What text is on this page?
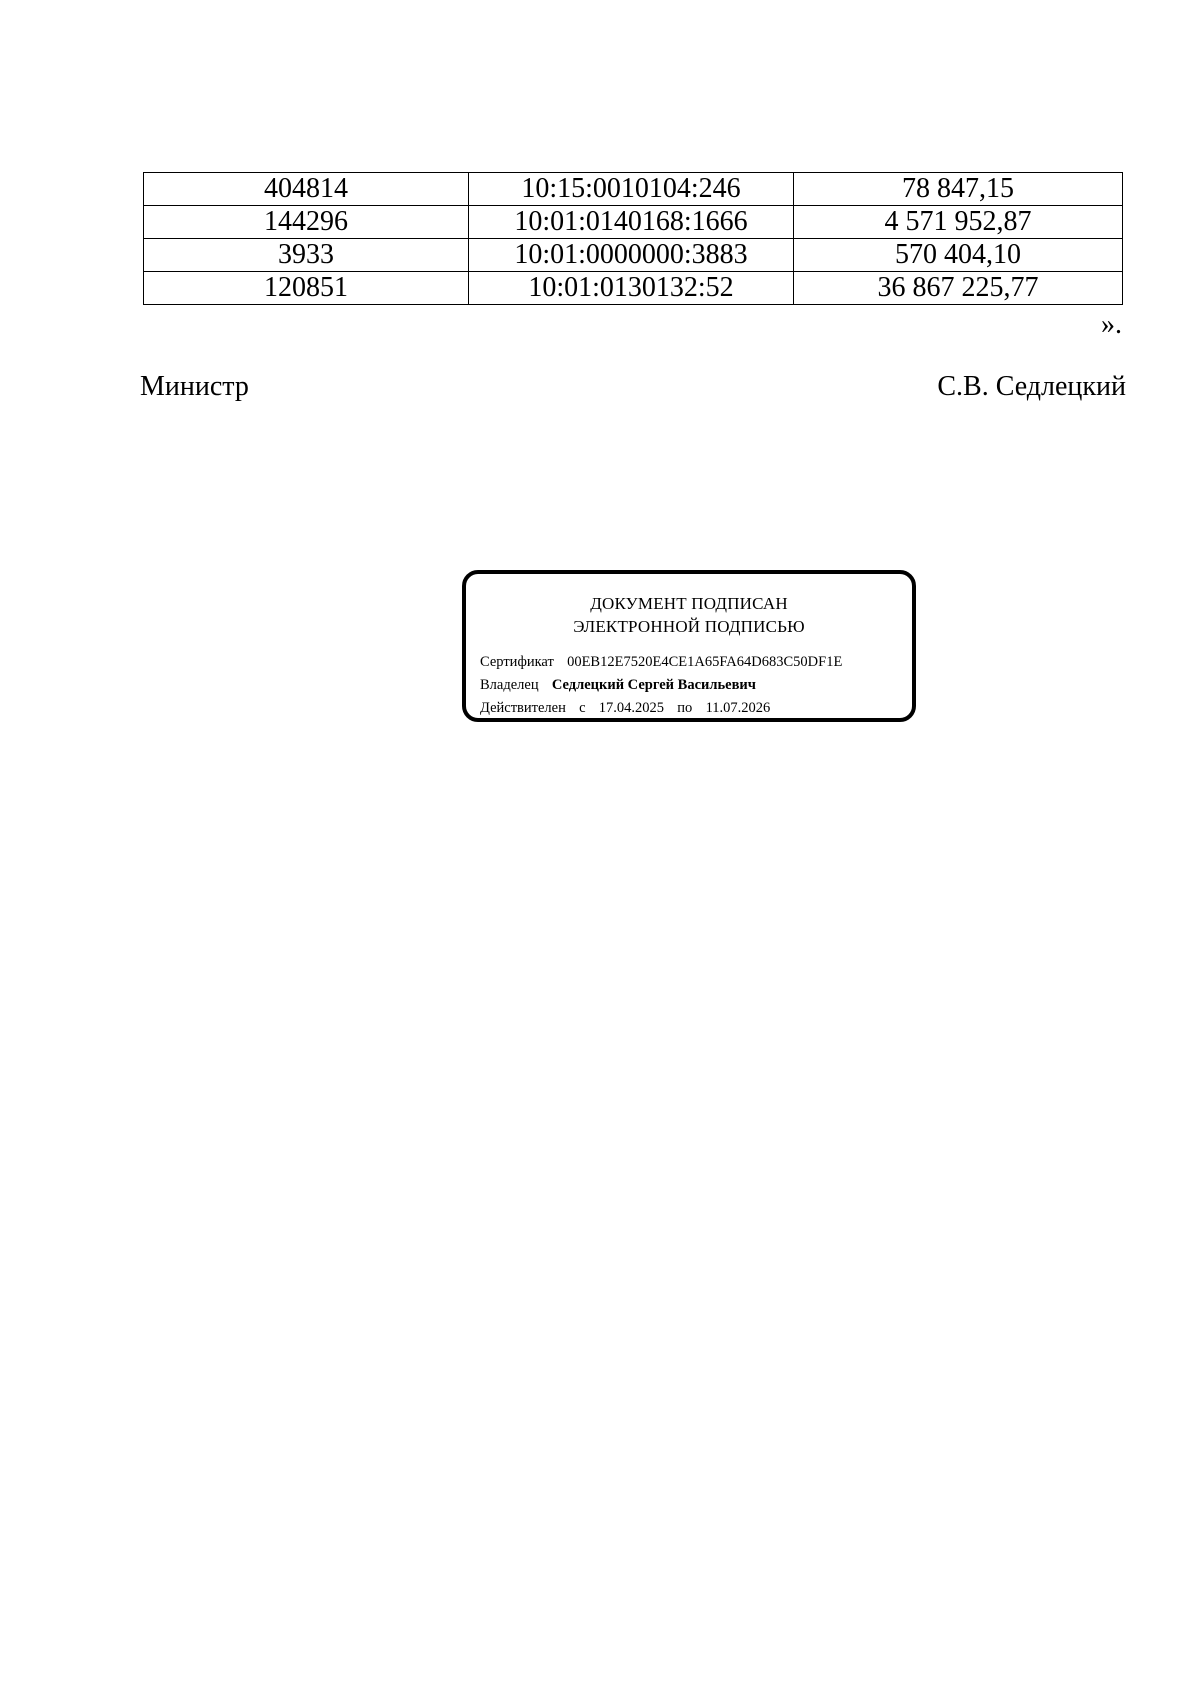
404814	10:15:0010104:246	78 847,15
144296	10:01:0140168:1666	4 571 952,87
3933	10:01:0000000:3883	570 404,10
120851	10:01:0130132:52	36 867 225,77
».
Министр	С.В. Седлецкий
ДОКУМЕНТ ПОДПИСАН
ЭЛЕКТРОННОЙ ПОДПИСЬЮ
Сертификат 00EB12E7520E4CE1A65FA64D683C50DF1E
Владелец Седлецкий Сергей Васильевич
Действителен с 17.04.2025 по 11.07.2026
